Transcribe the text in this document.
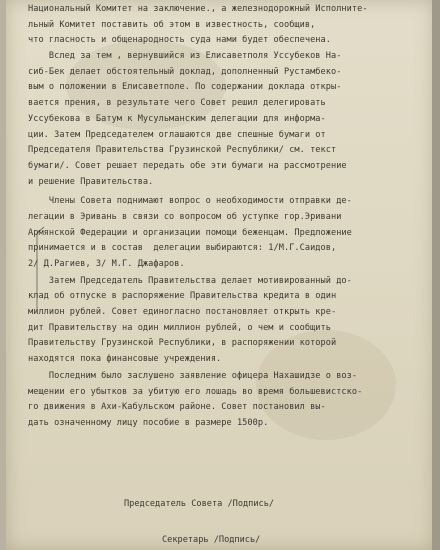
Национальный Комитет на заключение., а железнодорожный Исполните-
льный Комитет поставить об этом в известность, сообщив,
что гласность и общенародность суда нами будет обеспечена.
Вслед за тем , вернувшийся из Елисаветполя Уссубеков На-
сиб-Бек делает обстоятельный доклад, дополненный Рустамбеко-
вым о положении в Елисаветполе. По содержании доклада откры-
вается прения, в результате чего Совет решил делегировать
Уссубекова в Батум к Мусульманским делегации для информа-
ции. Затем Председателем оглашаются две спешные бумаги от
Председателя Правительства Грузинской Республики/ см. текст
бумаги/. Совет решает передать обе эти бумаги на рассмотрение
и решение Правительства.
Члены Совета поднимают вопрос о необходимости отправки де-
легации в Эривань в связи со вопросом об уступке гор.Эривани
Армянской Федерации и организации помощи беженцам. Предложение
принимается и в состав  делегации выбираются: 1/М.Г.Саидов,
2/ Д.Рагиев, 3/ М.Г. Джафаров.
Затем Председатель Правительства делает мотивированный до-
клад об отпуске в распоряжение Правительства кредита в один
миллион рублей. Совет единогласно постановляет открыть кре-
дит Правительству на один миллион рублей, о чем и сообщить
Правительству Грузинской Республики, в распоряжении которой
находятся пока финансовые учреждения.
Последним было заслушено заявление офицера Нахашидзе о воз-
мещении его убытков за убитую его лошадь во время большевистско-
го движения в Ахи-Кабульском районе. Совет постановил вы-
дать означенному лицу пособие в размере 1500р.
Председатель Совета /Подпись/
Секретарь /Подпись/
